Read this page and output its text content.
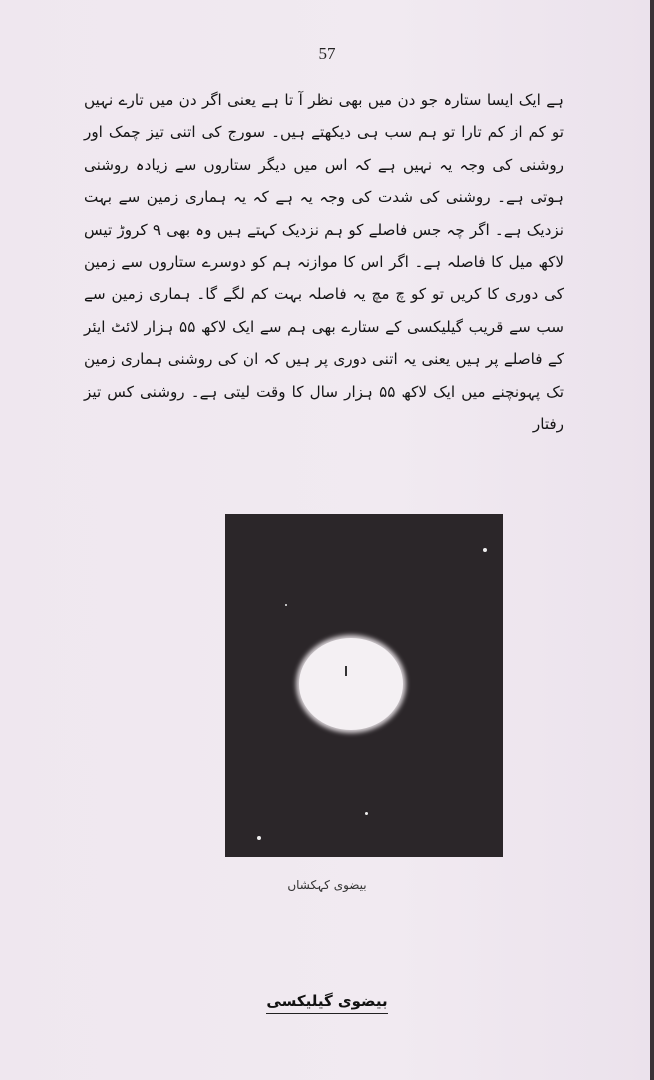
57
ہے ایک ایسا ستارہ جو دن میں بھی نظر آ تا ہے یعنی اگر دن میں تارے نہیں تو کم از کم تارا تو ہم سب ہی دیکھتے ہیں۔ سورج کی اتنی تیز چمک اور روشنی کی وجہ یہ نہیں ہے کہ اس میں دیگر ستاروں سے زیادہ روشنی ہوتی ہے۔ روشنی کی شدت کی وجہ یہ ہے کہ یہ ہماری زمین سے بہت نزدیک ہے۔ اگر چہ جس فاصلے کو ہم نزدیک کہتے ہیں وہ بھی ۹ کروڑ تیس لاکھ میل کا فاصلہ ہے۔ اگر اس کا موازنہ ہم کو دوسرے ستاروں سے زمین کی دوری کا کریں تو کو چ مچ یہ فاصلہ بہت کم لگے گا۔ ہماری زمین سے سب سے قریب گیلیکسی کے ستارے بھی ہم سے ایک لاکھ ۵۵ ہزار لائٹ ایئر کے فاصلے پر ہیں یعنی یہ اتنی دوری پر ہیں کہ ان کی روشنی ہماری زمین تک پہونچنے میں ایک لاکھ ۵۵ ہزار سال کا وقت لیتی ہے۔ روشنی کس تیز رفتار
بیضوی کہکشاں
بیضوی گیلیکسی
